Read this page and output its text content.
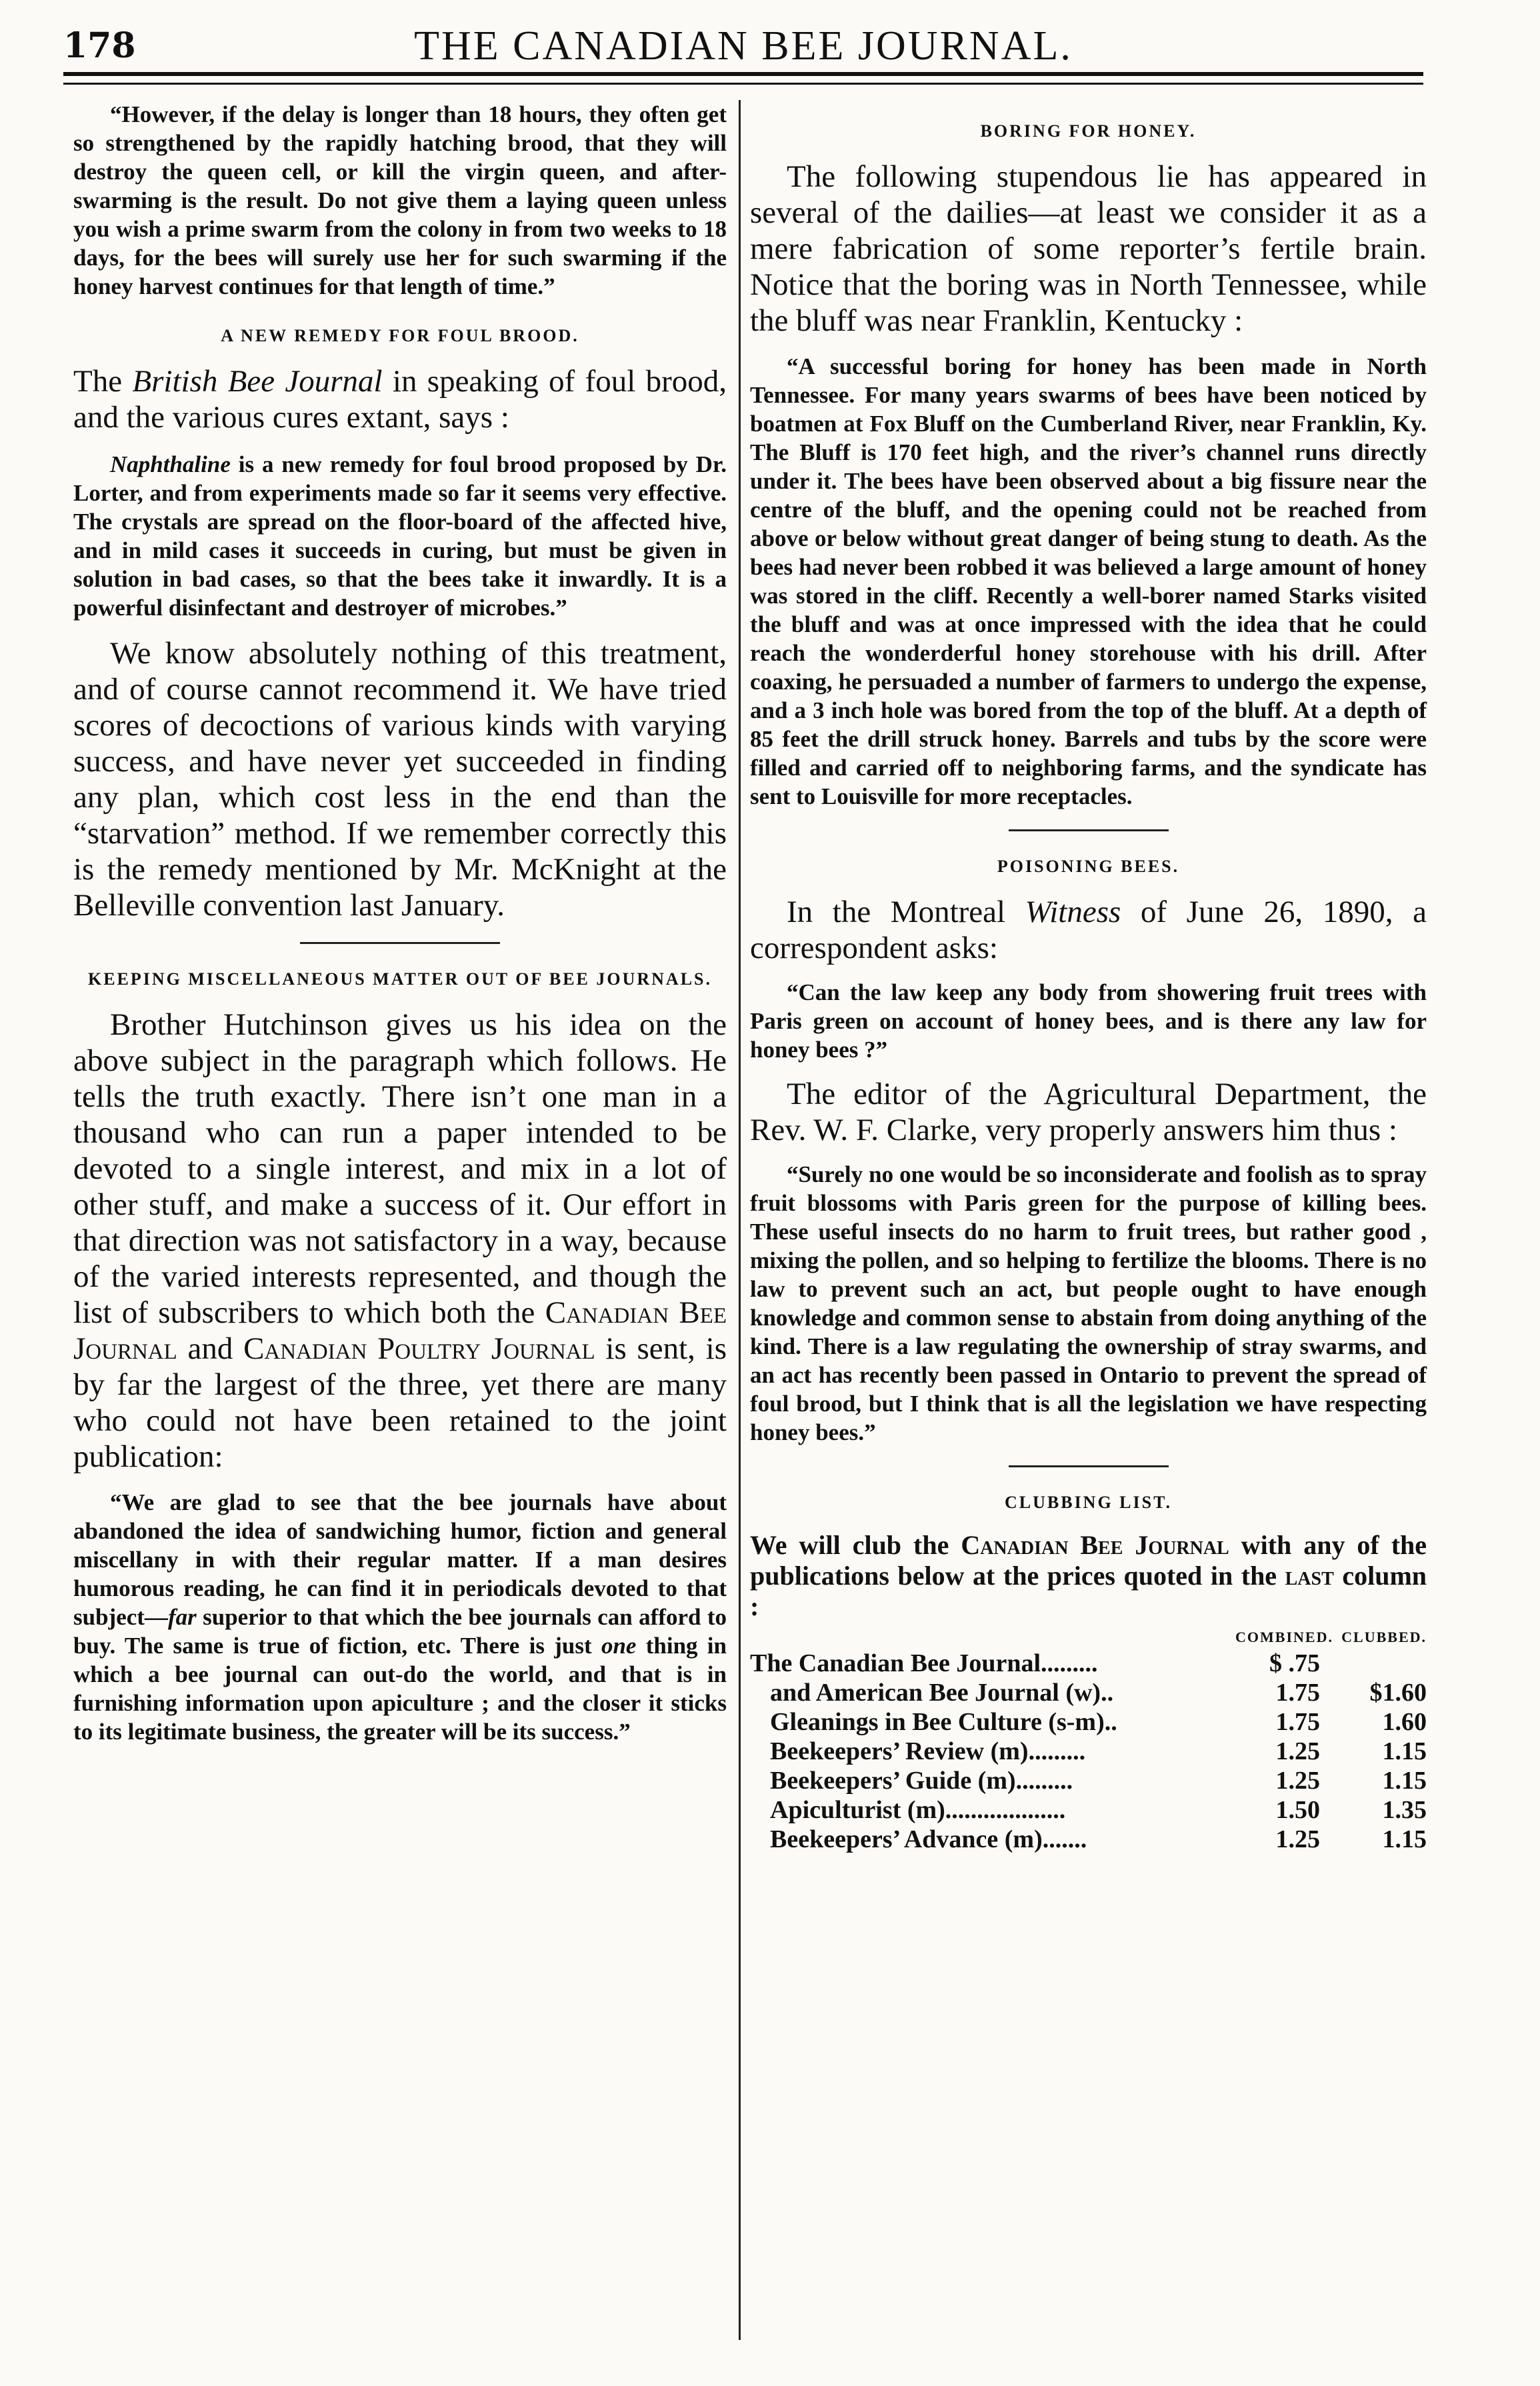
178	THE CANADIAN BEE JOURNAL.

“However, if the delay is longer than 18 hours, they often get so strengthened by the rapidly hatching brood, that they will destroy the queen cell, or kill the virgin queen, and after-swarming is the result. Do not give them a laying queen unless you wish a prime swarm from the colony in from two weeks to 18 days, for the bees will surely use her for such swarming if the honey harvest continues for that length of time.”

A NEW REMEDY FOR FOUL BROOD.

The British Bee Journal in speaking of foul brood, and the various cures extant, says :

Naphthaline is a new remedy for foul brood proposed by Dr. Lorter, and from experiments made so far it seems very effective. The crystals are spread on the floor-board of the affected hive, and in mild cases it succeeds in curing, but must be given in solution in bad cases, so that the bees take it inwardly. It is a powerful disinfectant and destroyer of microbes.”

We know absolutely nothing of this treatment, and of course cannot recommend it. We have tried scores of decoctions of various kinds with varying success, and have never yet succeeded in finding any plan, which cost less in the end than the “starvation” method. If we remember correctly this is the remedy mentioned by Mr. McKnight at the Belleville convention last January.

KEEPING MISCELLANEOUS MATTER OUT OF BEE JOURNALS.

Brother Hutchinson gives us his idea on the above subject in the paragraph which follows. He tells the truth exactly. There isn’t one man in a thousand who can run a paper intended to be devoted to a single interest, and mix in a lot of other stuff, and make a success of it. Our effort in that direction was not satisfactory in a way, because of the varied interests represented, and though the list of subscribers to which both the Canadian Bee Journal and Canadian Poultry Journal is sent, is by far the largest of the three, yet there are many who could not have been retained to the joint publication:

“We are glad to see that the bee journals have about abandoned the idea of sandwiching humor, fiction and general miscellany in with their regular matter. If a man desires humorous reading, he can find it in periodicals devoted to that subject—far superior to that which the bee journals can afford to buy. The same is true of fiction, etc. There is just one thing in which a bee journal can out-do the world, and that is in furnishing information upon apiculture ; and the closer it sticks to its legitimate business, the greater will be its success.”

BORING FOR HONEY.

The following stupendous lie has appeared in several of the dailies—at least we consider it as a mere fabrication of some reporter’s fertile brain. Notice that the boring was in North Tennessee, while the bluff was near Franklin, Kentucky :

“A successful boring for honey has been made in North Tennessee. For many years swarms of bees have been noticed by boatmen at Fox Bluff on the Cumberland River, near Franklin, Ky. The Bluff is 170 feet high, and the river’s channel runs directly under it. The bees have been observed about a big fissure near the centre of the bluff, and the opening could not be reached from above or below without great danger of being stung to death. As the bees had never been robbed it was believed a large amount of honey was stored in the cliff. Recently a well-borer named Starks visited the bluff and was at once impressed with the idea that he could reach the wonderderful honey storehouse with his drill. After coaxing, he persuaded a number of farmers to undergo the expense, and a 3 inch hole was bored from the top of the bluff. At a depth of 85 feet the drill struck honey. Barrels and tubs by the score were filled and carried off to neighboring farms, and the syndicate has sent to Louisville for more receptacles.

POISONING BEES.

In the Montreal Witness of June 26, 1890, a correspondent asks:

“Can the law keep any body from showering fruit trees with Paris green on account of honey bees, and is there any law for honey bees ?”

The editor of the Agricultural Department, the Rev. W. F. Clarke, very properly answers him thus :

“Surely no one would be so inconsiderate and foolish as to spray fruit blossoms with Paris green for the purpose of killing bees. These useful insects do no harm to fruit trees, but rather good , mixing the pollen, and so helping to fertilize the blooms. There is no law to prevent such an act, but people ought to have enough knowledge and common sense to abstain from doing anything of the kind. There is a law regulating the ownership of stray swarms, and an act has recently been passed in Ontario to prevent the spread of foul brood, but I think that is all the legislation we have respecting honey bees.”

CLUBBING LIST.

We will club the Canadian Bee Journal with any of the publications below at the prices quoted in the last column :

	COMBINED.	CLUBBED.
The Canadian Bee Journal.........	$ .75	
and American Bee Journal (w)..	1.75	$1.60
Gleanings in Bee Culture (s-m)..	1.75	1.60
Beekeepers’ Review (m).........	1.25	1.15
Beekeepers’ Guide (m).........	1.25	1.15
Apiculturist (m)...................	1.50	1.35
Beekeepers’ Advance (m).......	1.25	1.15
